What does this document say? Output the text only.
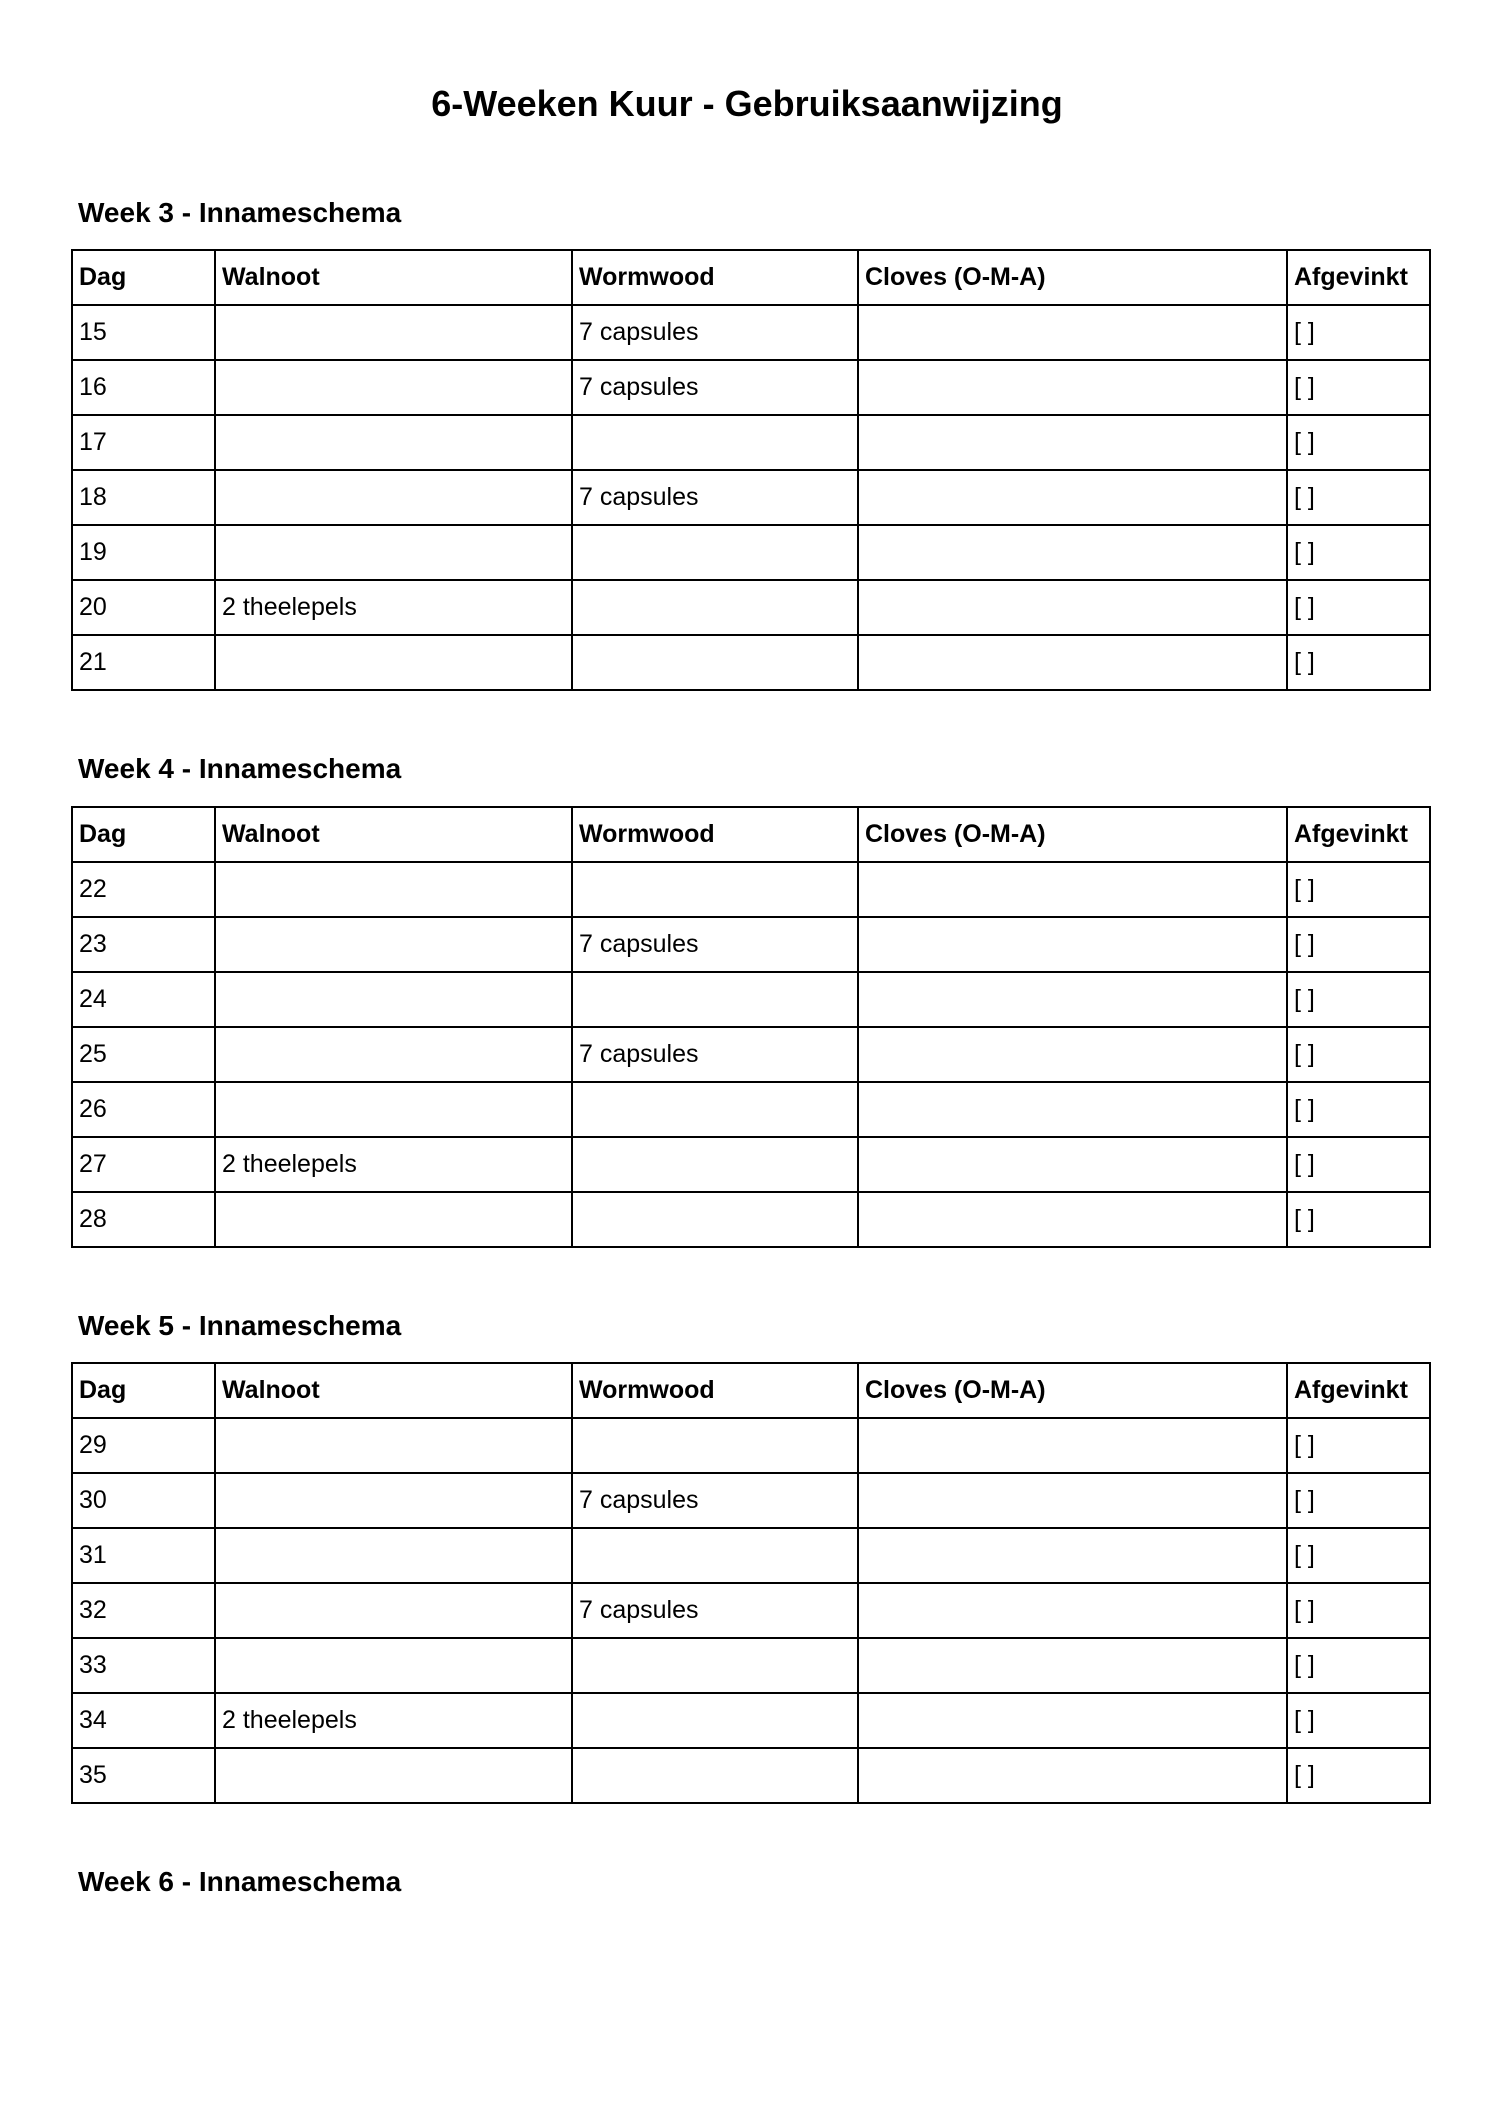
6-Weeken Kuur - Gebruiksaanwijzing
Week 3 - Innameschema
Dag	Walnoot	Wormwood	Cloves (O-M-A)	Afgevinkt
15		7 capsules		[ ]
16		7 capsules		[ ]
17				[ ]
18		7 capsules		[ ]
19				[ ]
20	2 theelepels			[ ]
21				[ ]
Week 4 - Innameschema
Dag	Walnoot	Wormwood	Cloves (O-M-A)	Afgevinkt
22				[ ]
23		7 capsules		[ ]
24				[ ]
25		7 capsules		[ ]
26				[ ]
27	2 theelepels			[ ]
28				[ ]
Week 5 - Innameschema
Dag	Walnoot	Wormwood	Cloves (O-M-A)	Afgevinkt
29				[ ]
30		7 capsules		[ ]
31				[ ]
32		7 capsules		[ ]
33				[ ]
34	2 theelepels			[ ]
35				[ ]
Week 6 - Innameschema
